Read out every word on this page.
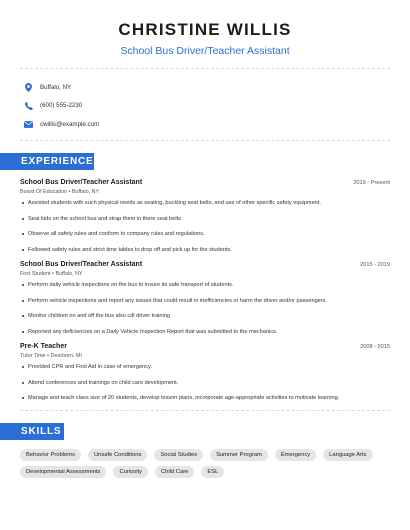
CHRISTINE WILLIS
School Bus Driver/Teacher Assistant
Buffalo, NY
(600) 555-2230
cwillis@example.com
EXPERIENCE
School Bus Driver/Teacher Assistant	2019 - Present
Board Of Education • Buffalo, NY
Assisted students with such physical needs as seating, buckling seat belts, and use of other specific safety equipment.
Seat kids on the school bus and strap them in there seat belts
Observe all safety rules and conform to company rules and regulations.
Followed safety rules and strict time tables to drop off and pick up for the students.
School Bus Driver/Teacher Assistant	2015 - 2019
First Student • Buffalo, NY
Perform daily vehicle inspections on the bus to insure its safe transport of students.
Perform vehicle inspections and report any issues that could result in inefficiencies or harm the driver and/or passengers.
Monitor children on and off the bus also cdl driver training
Reported any deficiencies on a Daily Vehicle Inspection Report that was submitted to the mechanics.
Pre-K Teacher	2008 - 2015
Tutor Time • Dearborn, MI
Provided CPR and First Aid in case of emergency.
Attend conferences and trainings on child care development.
Manage and teach class size of 20 students, develop lesson plans, incorporate age-appropriate activities to motivate learning.
SKILLS
Behavior Problems	Unsafe Conditions	Social Studies	Summer Program	Emergency	Language Arts
Developmental Assessments	Curiosity	Child Care	ESL
